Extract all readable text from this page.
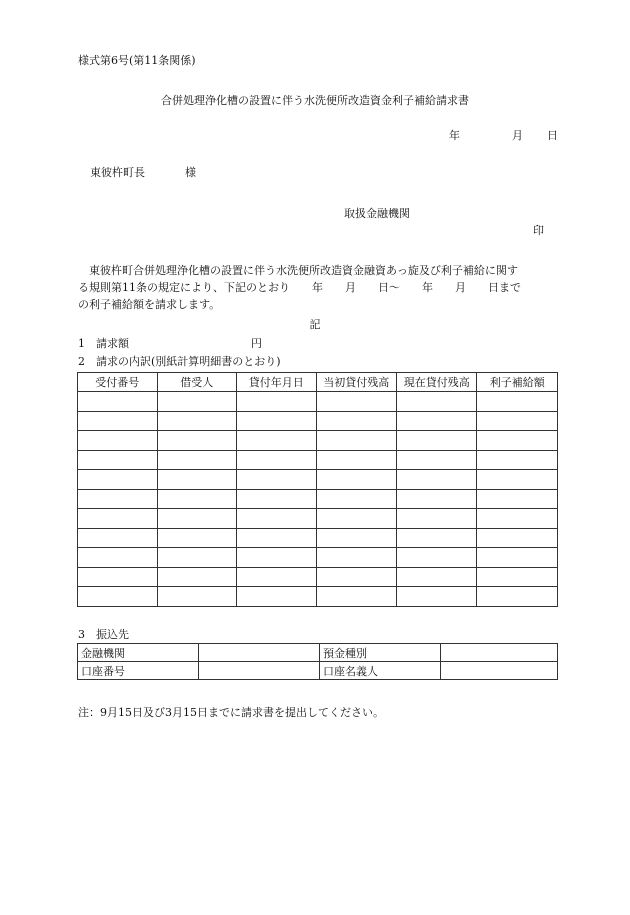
様式第6号(第11条関係)
合併処理浄化槽の設置に伴う水洗便所改造資金利子補給請求書
年	月 日
東彼杵町長	様
取扱金融機関
印

　東彼杵町合併処理浄化槽の設置に伴う水洗便所改造資金融資あっ旋及び利子補給に関す

る規則第11条の規定により、下記のとおり　　年　　月　　日～　　年　　月　　日まで

の利子補給額を請求します。

記
1 請求額	円
2 請求の内訳(別紙計算明細書のとおり)
受付番号	借受人	貸付年月日	当初貸付残高	現在貸付残高	利子補給額

3 振込先
金融機関		預金種別	
口座番号		口座名義人	
注：9月15日及び3月15日までに請求書を提出してください。
